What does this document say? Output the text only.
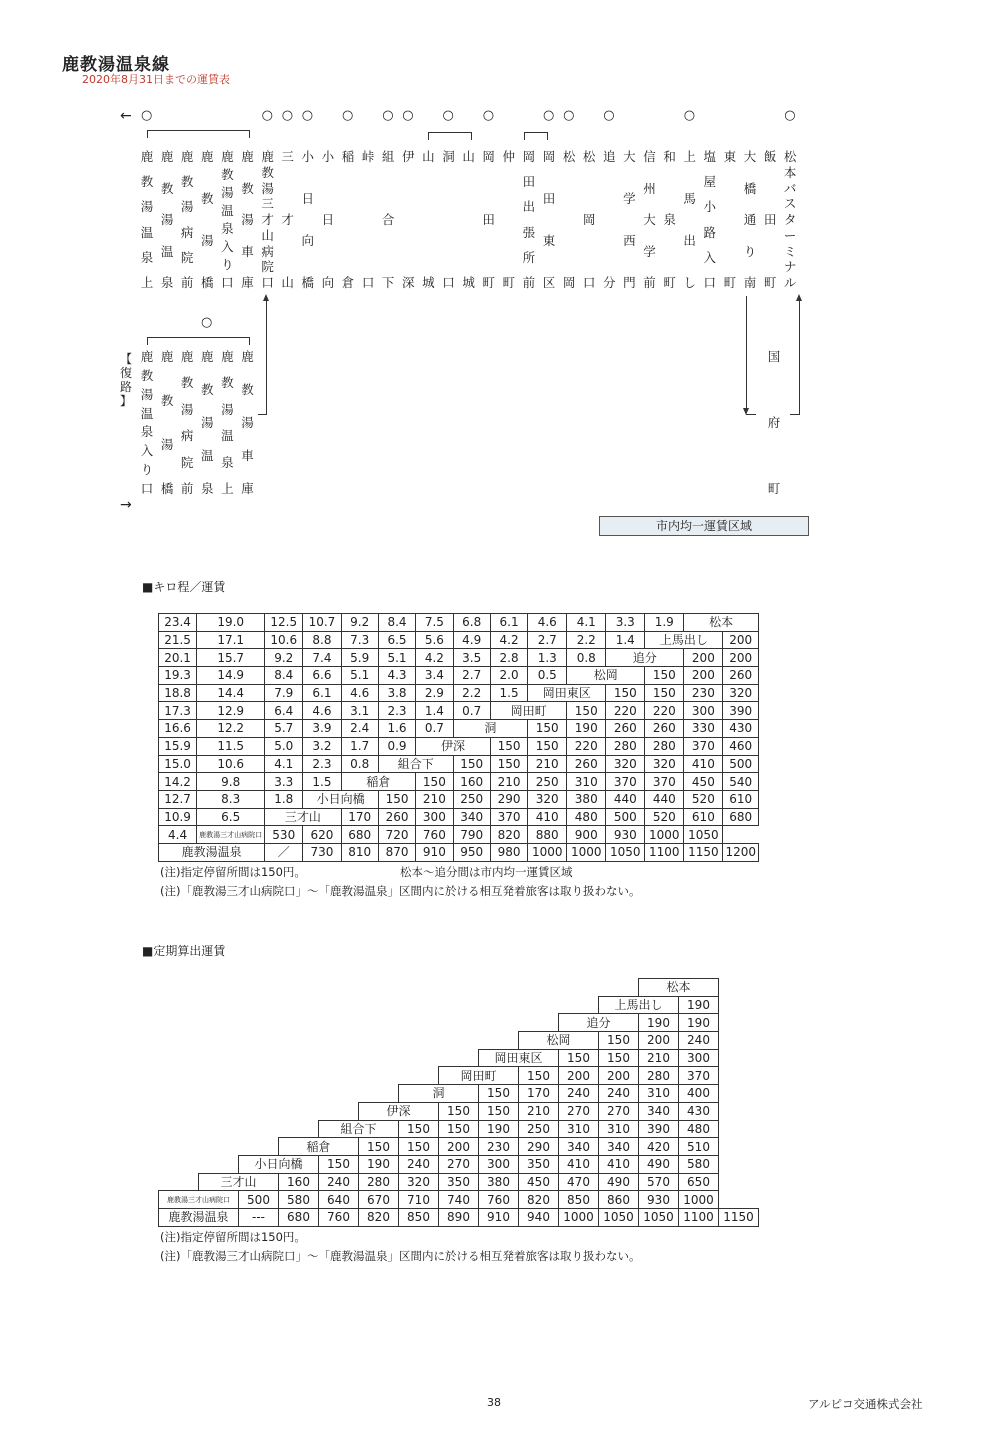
鹿教湯温泉線
2020年8月31日までの運賃表
←
→
鹿
教
湯
温
泉
上
○
鹿
教
湯
温
泉
鹿
教
湯
病
院
前
鹿
教
湯
橋
鹿
教
湯
温
泉
入
り
口
鹿
教
湯
車
庫
鹿
教
湯
三
才
山
病
院
口
○
三
才
山
○
小
日
向
橋
○
小
日
向
稲
倉
○
峠
口
組
合
下
○
伊
深
○
山
城
洞
口
○
山
城
岡
田
町
○
仲
町
岡
田
出
張
所
前
岡
田
東
区
○
松
岡
○
松
岡
口
追
分
○
大
学
西
門
信
州
大
学
前
和
泉
町
上
馬
出
し
○
塩
屋
小
路
入
口
東
町
大
橋
通
り
南
飯
田
町
松
本
バ
ス
タ
ー
ミ
ナ
ル
○
【
復
路
】
○
鹿
教
湯
温
泉
入
り
口
鹿
教
湯
橋
鹿
教
湯
病
院
前
鹿
教
湯
温
泉
鹿
教
湯
温
泉
上
鹿
教
湯
車
庫
国
府
町
市内均一運賃区域
■キロ程／運賃
23.4	19.0	12.5	10.7	9.2	8.4	7.5	6.8	6.1	4.6	4.1	3.3	1.9	松本	
21.5	17.1	10.6	8.8	7.3	6.5	5.6	4.9	4.2	2.7	2.2	1.4	上馬出し		200
20.1	15.7	9.2	7.4	5.9	5.1	4.2	3.5	2.8	1.3	0.8	追分		200	200
19.3	14.9	8.4	6.6	5.1	4.3	3.4	2.7	2.0	0.5	松岡		150	200	260
18.8	14.4	7.9	6.1	4.6	3.8	2.9	2.2	1.5	岡田東区		150	150	230	320
17.3	12.9	6.4	4.6	3.1	2.3	1.4	0.7	岡田町		150	220	220	300	390
16.6	12.2	5.7	3.9	2.4	1.6	0.7	洞		150	190	260	260	330	430
15.9	11.5	5.0	3.2	1.7	0.9	伊深		150	150	220	280	280	370	460
15.0	10.6	4.1	2.3	0.8	組合下		150	150	210	260	320	320	410	500
14.2	9.8	3.3	1.5	稲倉		150	160	210	250	310	370	370	450	540
12.7	8.3	1.8	小日向橋		150	210	250	290	320	380	440	440	520	610
10.9	6.5	三才山		170	260	300	340	370	410	480	500	520	610	680
4.4	鹿教湯三才山病院口	530	620	680	720	760	790	820	880	900	930	1000	1050	
鹿教湯温泉		／	730	810	870	910	950	980	1000	1000	1050	1100	1150	1200
(注)指定停留所間は150円。	松本～追分間は市内均一運賃区域
(注)「鹿教湯三才山病院口」～「鹿教湯温泉」区間内に於ける相互発着旅客は取り扱わない。
■定期算出運賃
												松本		
											上馬出し		190	
										追分		190	190	
									松岡		150	200	240	
								岡田東区		150	150	210	300	
							岡田町		150	200	200	280	370	
						洞		150	170	240	240	310	400	
					伊深		150	150	210	270	270	340	430	
				組合下		150	150	190	250	310	310	390	480	
			稲倉		150	150	200	230	290	340	340	420	510	
		小日向橋		150	190	240	270	300	350	410	410	490	580	
	三才山		160	240	280	320	350	380	450	470	490	570	650	
鹿教湯三才山病院口		500	580	640	670	710	740	760	820	850	860	930	1000	
鹿教湯温泉		---	680	760	820	850	890	910	940	1000	1050	1050	1100	1150
(注)指定停留所間は150円。
(注)「鹿教湯三才山病院口」～「鹿教湯温泉」区間内に於ける相互発着旅客は取り扱わない。
38	アルピコ交通株式会社
